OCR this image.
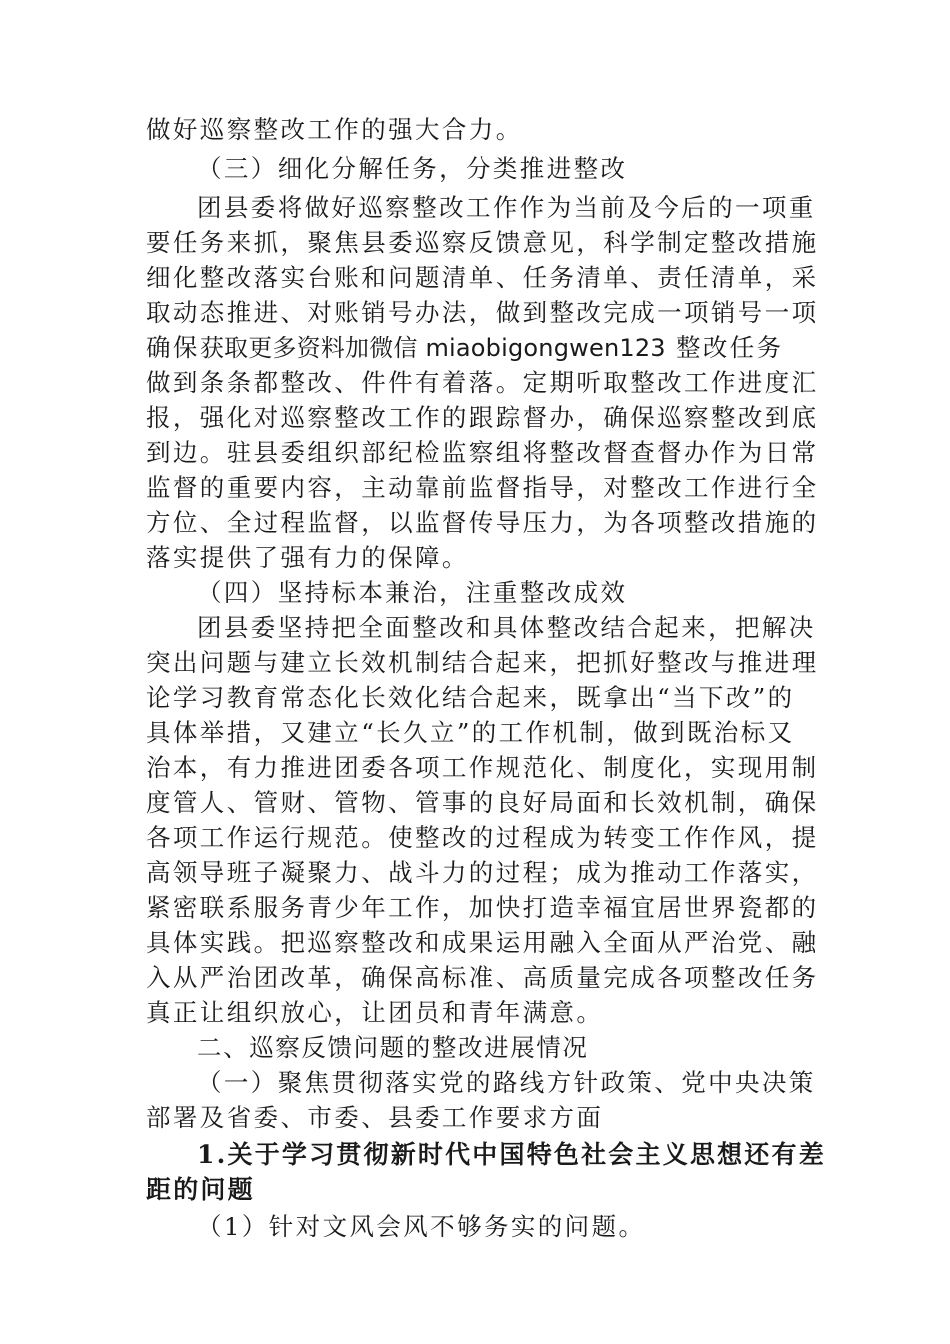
做好巡察整改工作的强大合力。
（三）细化分解任务，分类推进整改
团县委将做好巡察整改工作作为当前及今后的一项重
要任务来抓，聚焦县委巡察反馈意见，科学制定整改措施
细化整改落实台账和问题清单、任务清单、责任清单，采
取动态推进、对账销号办法，做到整改完成一项销号一项
确保获取更多资料加微信 miaobigongwen123 整改任务
做到条条都整改、件件有着落。定期听取整改工作进度汇
报，强化对巡察整改工作的跟踪督办，确保巡察整改到底
到边。驻县委组织部纪检监察组将整改督查督办作为日常
监督的重要内容，主动靠前监督指导，对整改工作进行全
方位、全过程监督，以监督传导压力，为各项整改措施的
落实提供了强有力的保障。
（四）坚持标本兼治，注重整改成效
团县委坚持把全面整改和具体整改结合起来，把解决
突出问题与建立长效机制结合起来，把抓好整改与推进理
论学习教育常态化长效化结合起来，既拿出“当下改”的
具体举措，又建立“长久立”的工作机制，做到既治标又
治本，有力推进团委各项工作规范化、制度化，实现用制
度管人、管财、管物、管事的良好局面和长效机制，确保
各项工作运行规范。使整改的过程成为转变工作作风，提
高领导班子凝聚力、战斗力的过程；成为推动工作落实，
紧密联系服务青少年工作，加快打造幸福宜居世界瓷都的
具体实践。把巡察整改和成果运用融入全面从严治党、融
入从严治团改革，确保高标准、高质量完成各项整改任务
真正让组织放心，让团员和青年满意。
二、巡察反馈问题的整改进展情况
（一）聚焦贯彻落实党的路线方针政策、党中央决策
部署及省委、市委、县委工作要求方面
1.关于学习贯彻新时代中国特色社会主义思想还有差
距的问题
（1）针对文风会风不够务实的问题。
